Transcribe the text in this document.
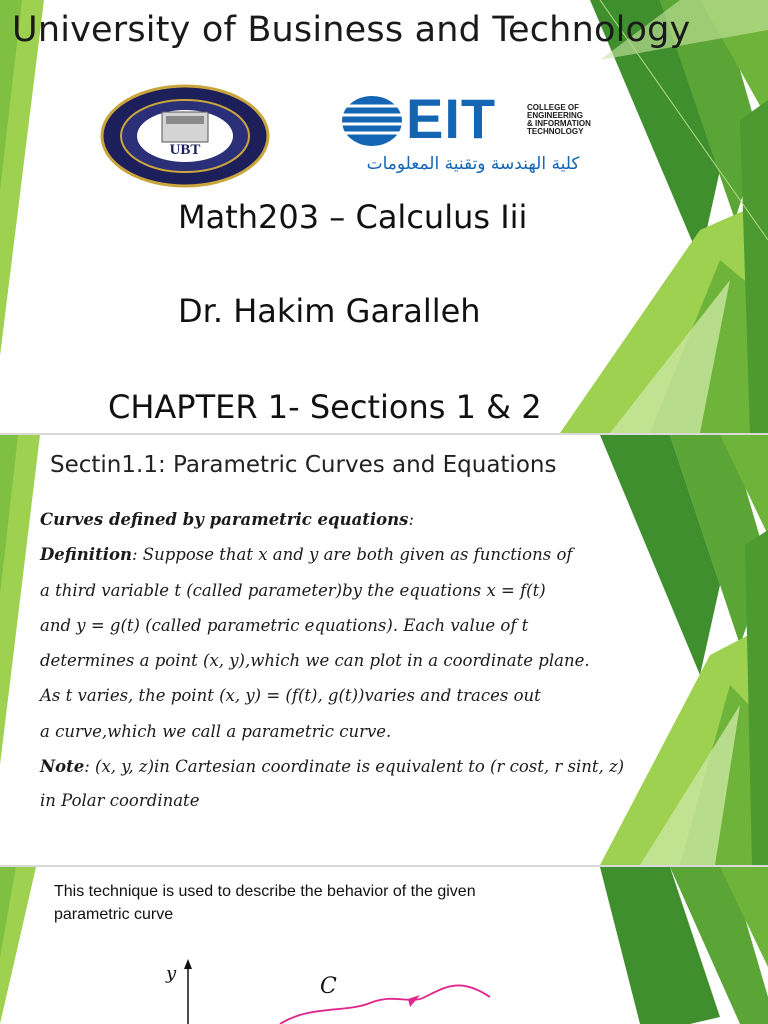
University of Business and Technology
UBT	EIT	COLLEGE OF
ENGINEERING
& INFORMATION
TECHNOLOGY
كلية الهندسة وتقنية المعلومات
Math203 – Calculus Iii
Dr. Hakim Garalleh
CHAPTER 1- Sections 1 & 2
Sectin1.1: Parametric Curves and Equations
Curves defined by parametric equations:
Definition: Suppose that x and y are both given as functions of
a third variable t (called parameter)by the equations x = f(t)
and y = g(t) (called parametric equations). Each value of t
determines a point (x, y),which we can plot in a coordinate plane.
As t varies, the point (x, y) = (f(t), g(t))varies and traces out
a curve,which we call a parametric curve.
Note: (x, y, z)in Cartesian coordinate is equivalent to (r cost, r sint, z)
in Polar coordinate
This technique is used to describe the behavior of the given
parametric curve
y
C
